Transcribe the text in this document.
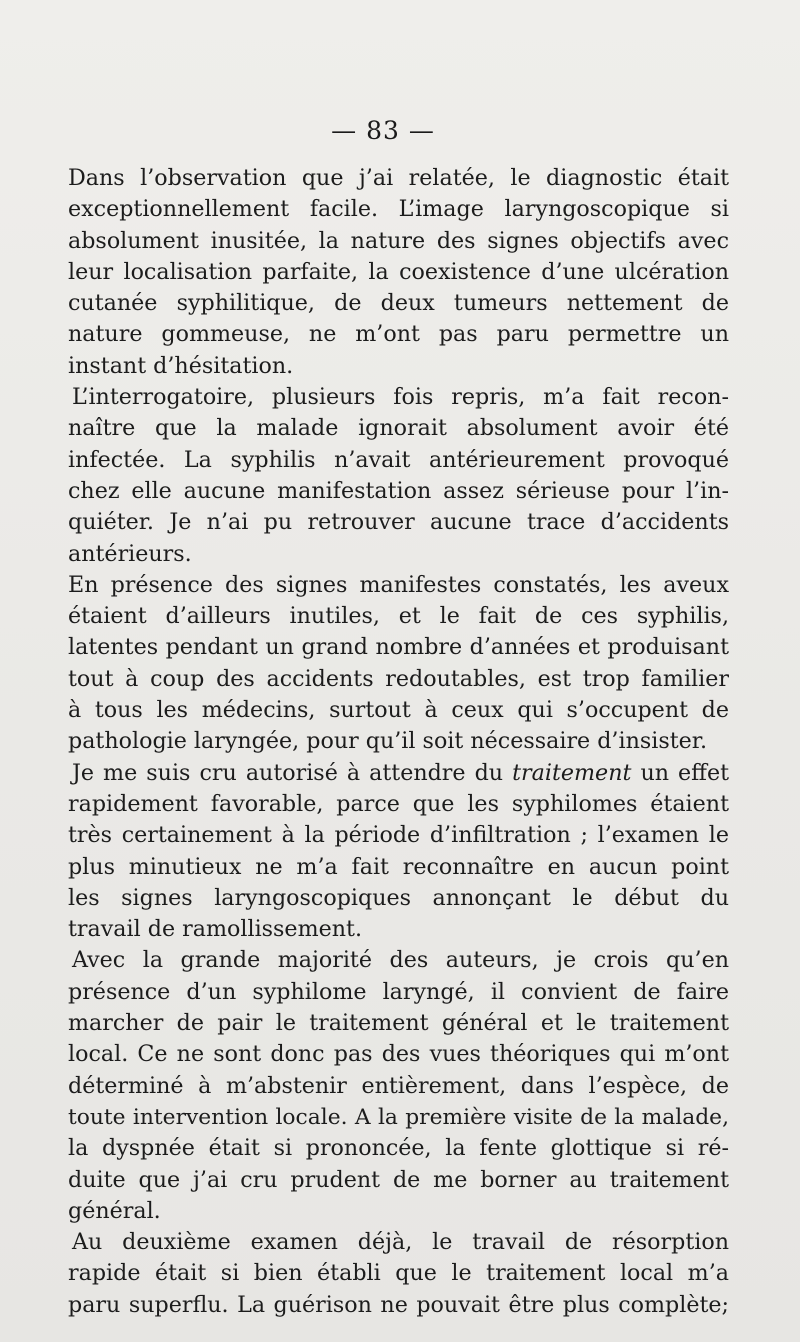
— 83 —
Dans l’observation que j’ai relatée, le diagnostic était
exceptionnellement facile. L’image laryngoscopique si
absolument inusitée, la nature des signes objectifs avec
leur localisation parfaite, la coexistence d’une ulcération
cutanée syphilitique, de deux tumeurs nettement de
nature gommeuse, ne m’ont pas paru permettre un
instant d’hésitation.
L’interrogatoire, plusieurs fois repris, m’a fait recon-
naître que la malade ignorait absolument avoir été
infectée. La syphilis n’avait antérieurement provoqué
chez elle aucune manifestation assez sérieuse pour l’in-
quiéter. Je n’ai pu retrouver aucune trace d’accidents
antérieurs.
En présence des signes manifestes constatés, les aveux
étaient d’ailleurs inutiles, et le fait de ces syphilis,
latentes pendant un grand nombre d’années et produisant
tout à coup des accidents redoutables, est trop familier
à tous les médecins, surtout à ceux qui s’occupent de
pathologie laryngée, pour qu’il soit nécessaire d’insister.
Je me suis cru autorisé à attendre du traitement un effet
rapidement favorable, parce que les syphilomes étaient
très certainement à la période d’infiltration ; l’examen le
plus minutieux ne m’a fait reconnaître en aucun point
les signes laryngoscopiques annonçant le début du
travail de ramollissement.
Avec la grande majorité des auteurs, je crois qu’en
présence d’un syphilome laryngé, il convient de faire
marcher de pair le traitement général et le traitement
local. Ce ne sont donc pas des vues théoriques qui m’ont
déterminé à m’abstenir entièrement, dans l’espèce, de
toute intervention locale. A la première visite de la malade,
la dyspnée était si prononcée, la fente glottique si ré-
duite que j’ai cru prudent de me borner au traitement
général.
Au deuxième examen déjà, le travail de résorption
rapide était si bien établi que le traitement local m’a
paru superflu. La guérison ne pouvait être plus complète;
